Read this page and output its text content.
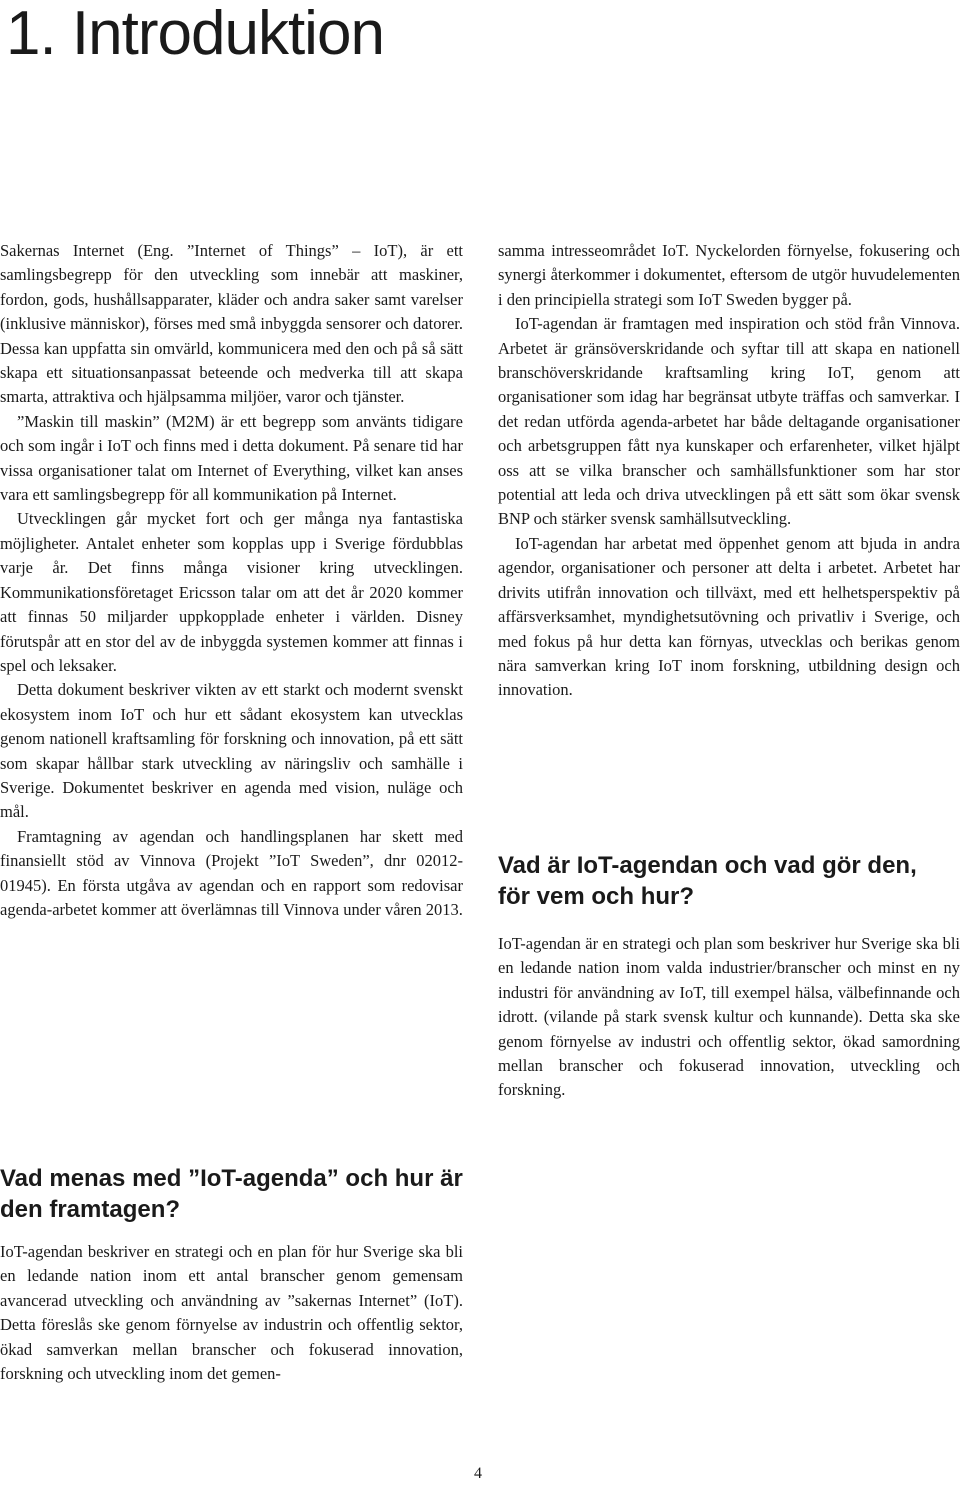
1. Introduktion

Sakernas Internet (Eng. ”Internet of Things” – IoT), är ett samlingsbegrepp för den utveckling som innebär att maskiner, fordon, gods, hushållsapparater, kläder och andra saker samt varelser (inklusive människor), förses med små inbyggda sensorer och datorer. Dessa kan uppfatta sin omvärld, kommunicera med den och på så sätt skapa ett situationsanpassat beteende och medverka till att skapa smarta, attraktiva och hjälpsamma miljöer, varor och tjänster.

”Maskin till maskin” (M2M) är ett begrepp som använts tidigare och som ingår i IoT och finns med i detta dokument. På senare tid har vissa organisationer talat om Internet of Everything, vilket kan anses vara ett samlingsbegrepp för all kommunikation på Internet.

Utvecklingen går mycket fort och ger många nya fantastiska möjligheter. Antalet enheter som kopplas upp i Sverige fördubblas varje år. Det finns många visioner kring utvecklingen. Kommunikationsföretaget Ericsson talar om att det år 2020 kommer att finnas 50 miljarder uppkopplade enheter i världen. Disney förutspår att en stor del av de inbyggda systemen kommer att finnas i spel och leksaker.

Detta dokument beskriver vikten av ett starkt och modernt svenskt ekosystem inom IoT och hur ett sådant ekosystem kan utvecklas genom nationell kraftsamling för forskning och innovation, på ett sätt som skapar hållbar stark utveckling av näringsliv och samhälle i Sverige. Dokumentet beskriver en agenda med vision, nuläge och mål.

Framtagning av agendan och handlingsplanen har skett med finansiellt stöd av Vinnova (Projekt ”IoT Sweden”, dnr 02012-01945). En första utgåva av agendan och en rapport som redovisar agenda-arbetet kommer att överlämnas till Vinnova under våren 2013.

samma intresseområdet IoT. Nyckelorden förnyelse, fokusering och synergi återkommer i dokumentet, eftersom de utgör huvudelementen i den principiella strategi som IoT Sweden bygger på.

IoT-agendan är framtagen med inspiration och stöd från Vinnova. Arbetet är gränsöverskridande och syftar till att skapa en nationell branschöverskridande kraftsamling kring IoT, genom att organisationer som idag har begränsat utbyte träffas och samverkar. I det redan utförda agenda-arbetet har både deltagande organisationer och arbetsgruppen fått nya kunskaper och erfarenheter, vilket hjälpt oss att se vilka branscher och samhällsfunktioner som har stor potential att leda och driva utvecklingen på ett sätt som ökar svensk BNP och stärker svensk samhällsutveckling.

IoT-agendan har arbetat med öppenhet genom att bjuda in andra agendor, organisationer och personer att delta i arbetet. Arbetet har drivits utifrån innovation och tillväxt, med ett helhetsperspektiv på affärsverksamhet, myndighetsutövning och privatliv i Sverige, och med fokus på hur detta kan förnyas, utvecklas och berikas genom nära samverkan kring IoT inom forskning, utbildning design och innovation.

Vad är IoT-agendan och vad gör den, för vem och hur?

IoT-agendan är en strategi och plan som beskriver hur Sverige ska bli en ledande nation inom valda industrier/branscher och minst en ny industri för användning av IoT, till exempel hälsa, välbefinnande och idrott. (vilande på stark svensk kultur och kunnande). Detta ska ske genom förnyelse av industri och offentlig sektor, ökad samordning mellan branscher och fokuserad innovation, utveckling och forskning.

Vad menas med ”IoT-agenda” och hur är den framtagen?

IoT-agendan beskriver en strategi och en plan för hur Sverige ska bli en ledande nation inom ett antal branscher genom gemensam avancerad utveckling och användning av ”sakernas Internet” (IoT). Detta föreslås ske genom förnyelse av industrin och offentlig sektor, ökad samverkan mellan branscher och fokuserad innovation, forskning och utveckling inom det gemen-

4
